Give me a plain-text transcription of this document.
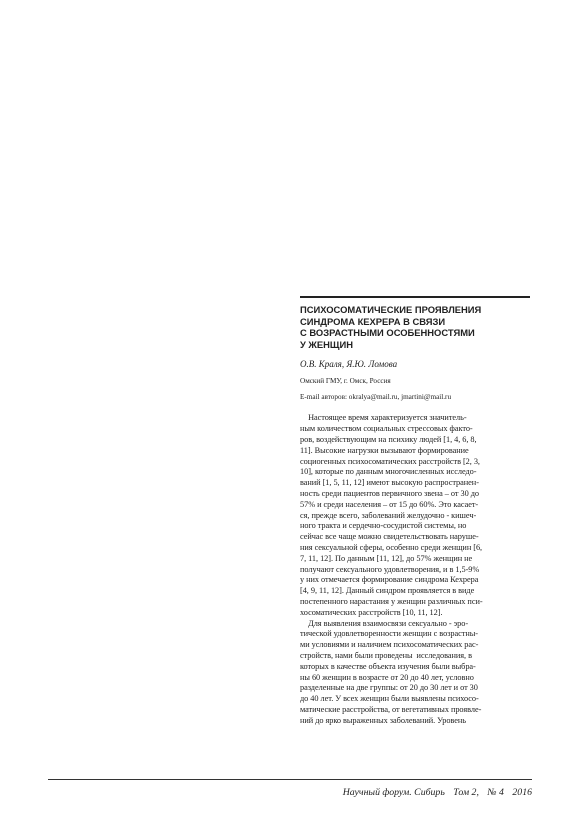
ПСИХОСОМАТИЧЕСКИЕ ПРОЯВЛЕНИЯ
СИНДРОМА КЕХРЕРА В СВЯЗИ
С ВОЗРАСТНЫМИ ОСОБЕННОСТЯМИ
У ЖЕНЩИН
О.В. Краля, Я.Ю. Ломова
Омский ГМУ, г. Омск, Россия
E-mail авторов: okralya@mail.ru, jmartini@mail.ru
Настоящее время характеризуется значитель-
ным количеством социальных стрессовых факто-
ров, воздействующим на психику людей [1, 4, 6, 8,
11]. Высокие нагрузки вызывают формирование
социогенных психосоматических расстройств [2, 3,
10], которые по данным многочисленных исследо-
ваний [1, 5, 11, 12] имеют высокую распространен-
ность среди пациентов первичного звена – от 30 до
57% и среди населения – от 15 до 60%. Это касает-
ся, прежде всего, заболеваний желудочно - кишеч-
ного тракта и сердечно-сосудистой системы, но
сейчас все чаще можно свидетельствовать наруше-
ния сексуальной сферы, особенно среди женщин [6,
7, 11, 12]. По данным [11, 12], до 57% женщин не
получают сексуального удовлетворения, и в 1,5-9%
у них отмечается формирование синдрома Кехрера
[4, 9, 11, 12]. Данный синдром проявляется в виде
постепенного нарастания у женщин различных пси-
хосоматических расстройств [10, 11, 12].
Для выявления взаимосвязи сексуально - эро-
тической удовлетворенности женщин с возрастны-
ми условиями и наличием психосоматических рас-
стройств, нами были проведены  исследования, в
которых в качестве объекта изучения были выбра-
ны 60 женщин в возрасте от 20 до 40 лет, условно
разделенные на две группы: от 20 до 30 лет и от 30
до 40 лет. У всех женщин были выявлены психосо-
матические расстройства, от вегетативных проявле-
ний до ярко выраженных заболеваний. Уровень
Научный форум. Сибирь Том 2, № 4 2016
